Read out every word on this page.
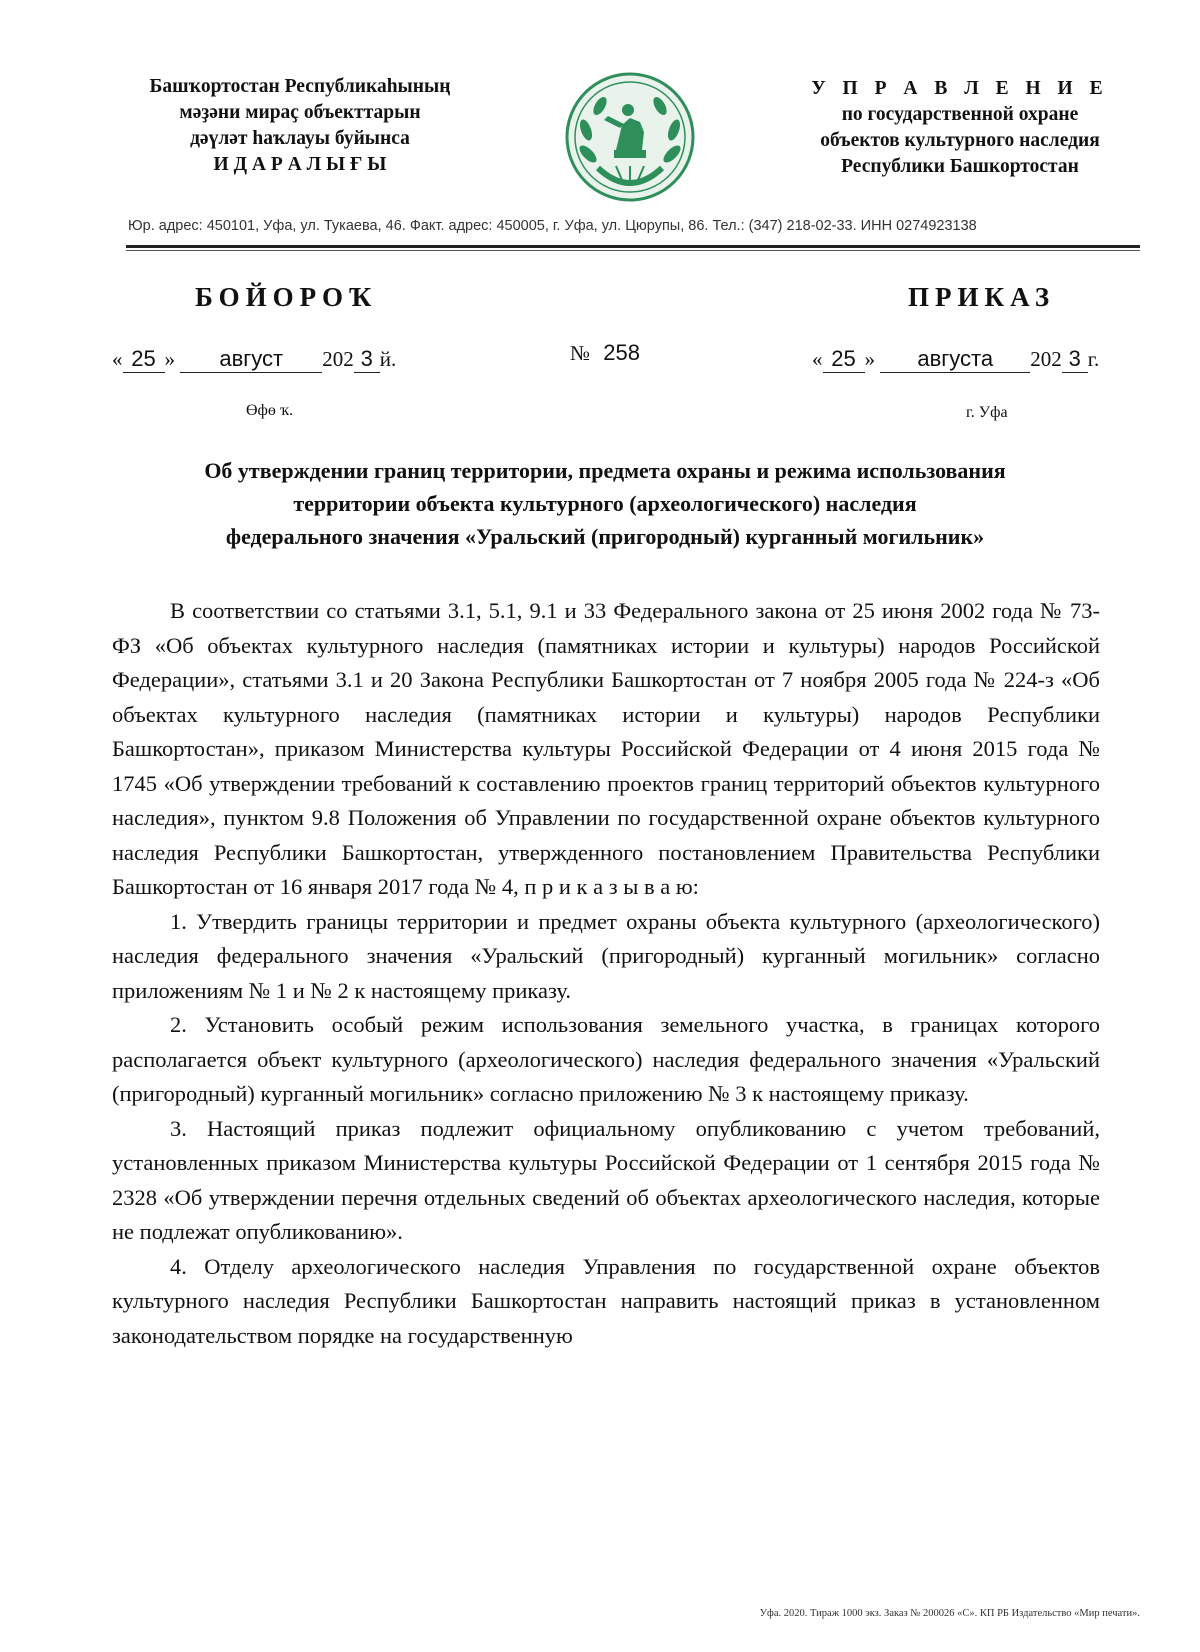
Башҡортостан Республикаһының
мәҙәни мираҫ объекттарын
дәүләт һаҡлауы буйынса
И Д А Р А Л Ы Ғ Ы
У П Р А В Л Е Н И Е
по государственной охране
объектов культурного наследия
Республики Башкортостан
Юр. адрес: 450101, Уфа, ул. Тукаева, 46. Факт. адрес: 450005, г. Уфа, ул. Цюрупы, 86. Тел.: (347) 218-02-33. ИНН 0274923138
БОЙОРОҠ	ПРИКАЗ
« 25 » август 202 3 й.	№ 258	« 25 » августа 202 3 г.
Өфө ҡ.	г. Уфа
Об утверждении границ территории, предмета охраны и режима использования
территории объекта культурного (археологического) наследия
федерального значения «Уральский (пригородный) курганный могильник»

В соответствии со статьями 3.1, 5.1, 9.1 и 33 Федерального закона от 25 июня 2002 года № 73-ФЗ «Об объектах культурного наследия (памятниках истории и культуры) народов Российской Федерации», статьями 3.1 и 20 Закона Республики Башкортостан от 7 ноября 2005 года № 224-з «Об объектах культурного наследия (памятниках истории и культуры) народов Республики Башкортостан», приказом Министерства культуры Российской Федерации от 4 июня 2015 года № 1745 «Об утверждении требований к составлению проектов границ территорий объектов культурного наследия», пунктом 9.8 Положения об Управлении по государственной охране объектов культурного наследия Республики Башкортостан, утвержденного постановлением Правительства Республики Башкортостан от 16 января 2017 года № 4, п р и к а з ы в а ю:

1. Утвердить границы территории и предмет охраны объекта культурного (археологического) наследия федерального значения «Уральский (пригородный) курганный могильник» согласно приложениям № 1 и № 2 к настоящему приказу.

2. Установить особый режим использования земельного участка, в границах которого располагается объект культурного (археологического) наследия федерального значения «Уральский (пригородный) курганный могильник» согласно приложению № 3 к настоящему приказу.

3. Настоящий приказ подлежит официальному опубликованию с учетом требований, установленных приказом Министерства культуры Российской Федерации от 1 сентября 2015 года № 2328 «Об утверждении перечня отдельных сведений об объектах археологического наследия, которые не подлежат опубликованию».

4. Отделу археологического наследия Управления по государственной охране объектов культурного наследия Республики Башкортостан направить настоящий приказ в установленном законодательством порядке на государственную

Уфа. 2020. Тираж 1000 экз. Заказ № 200026 «С». КП РБ Издательство «Мир печати».
